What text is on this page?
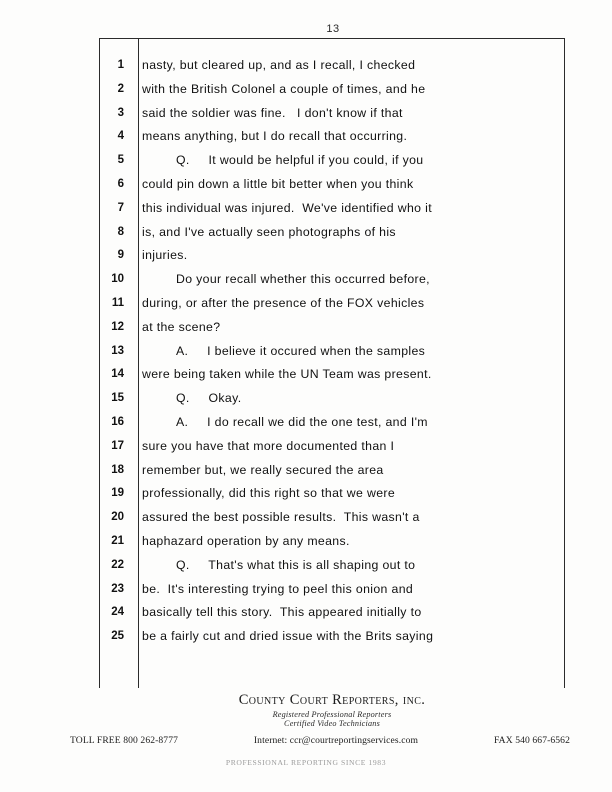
13
1	nasty, but cleared up, and as I recall, I checked
2	with the British Colonel a couple of times, and he
3	said the soldier was fine.   I don't know if that
4	means anything, but I do recall that occurring.
5	Q.     It would be helpful if you could, if you
6	could pin down a little bit better when you think
7	this individual was injured.  We've identified who it
8	is, and I've actually seen photographs of his
9	injuries.
10	Do your recall whether this occurred before,
11	during, or after the presence of the FOX vehicles
12	at the scene?
13	A.     I believe it occured when the samples
14	were being taken while the UN Team was present.
15	Q.     Okay.
16	A.     I do recall we did the one test, and I'm
17	sure you have that more documented than I
18	remember but, we really secured the area
19	professionally, did this right so that we were
20	assured the best possible results.  This wasn't a
21	haphazard operation by any means.
22	Q.     That's what this is all shaping out to
23	be.  It's interesting trying to peel this onion and
24	basically tell this story.  This appeared initially to
25	be a fairly cut and dried issue with the Brits saying
County Court Reporters, inc.
Registered Professional Reporters
Certified Video Technicians
TOLL FREE 800 262-8777	Internet: ccr@courtreportingservices.com	FAX 540 667-6562
PROFESSIONAL REPORTING SINCE 1983
